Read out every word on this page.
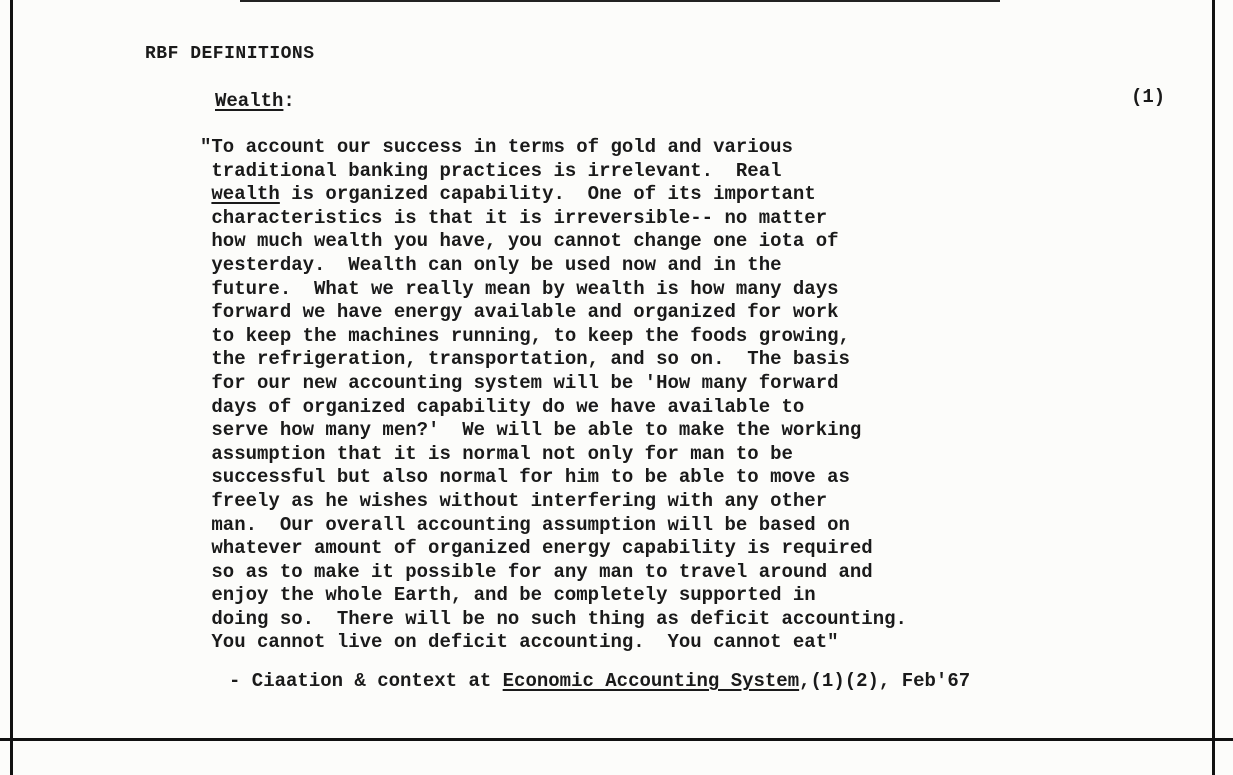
RBF DEFINITIONS
Wealth:	(1)
"To account our success in terms of gold and various
traditional banking practices is irrelevant.  Real
wealth is organized capability.  One of its important
characteristics is that it is irreversible-- no matter
how much wealth you have, you cannot change one iota of
yesterday.  Wealth can only be used now and in the
future.  What we really mean by wealth is how many days
forward we have energy available and organized for work
to keep the machines running, to keep the foods growing,
the refrigeration, transportation, and so on.  The basis
for our new accounting system will be 'How many forward
days of organized capability do we have available to
serve how many men?'  We will be able to make the working
assumption that it is normal not only for man to be
successful but also normal for him to be able to move as
freely as he wishes without interfering with any other
man.  Our overall accounting assumption will be based on
whatever amount of organized energy capability is required
so as to make it possible for any man to travel around and
enjoy the whole Earth, and be completely supported in
doing so.  There will be no such thing as deficit accounting.
You cannot live on deficit accounting.  You cannot eat"
- Ciaation & context at Economic Accounting System,(1)(2), Feb'67
